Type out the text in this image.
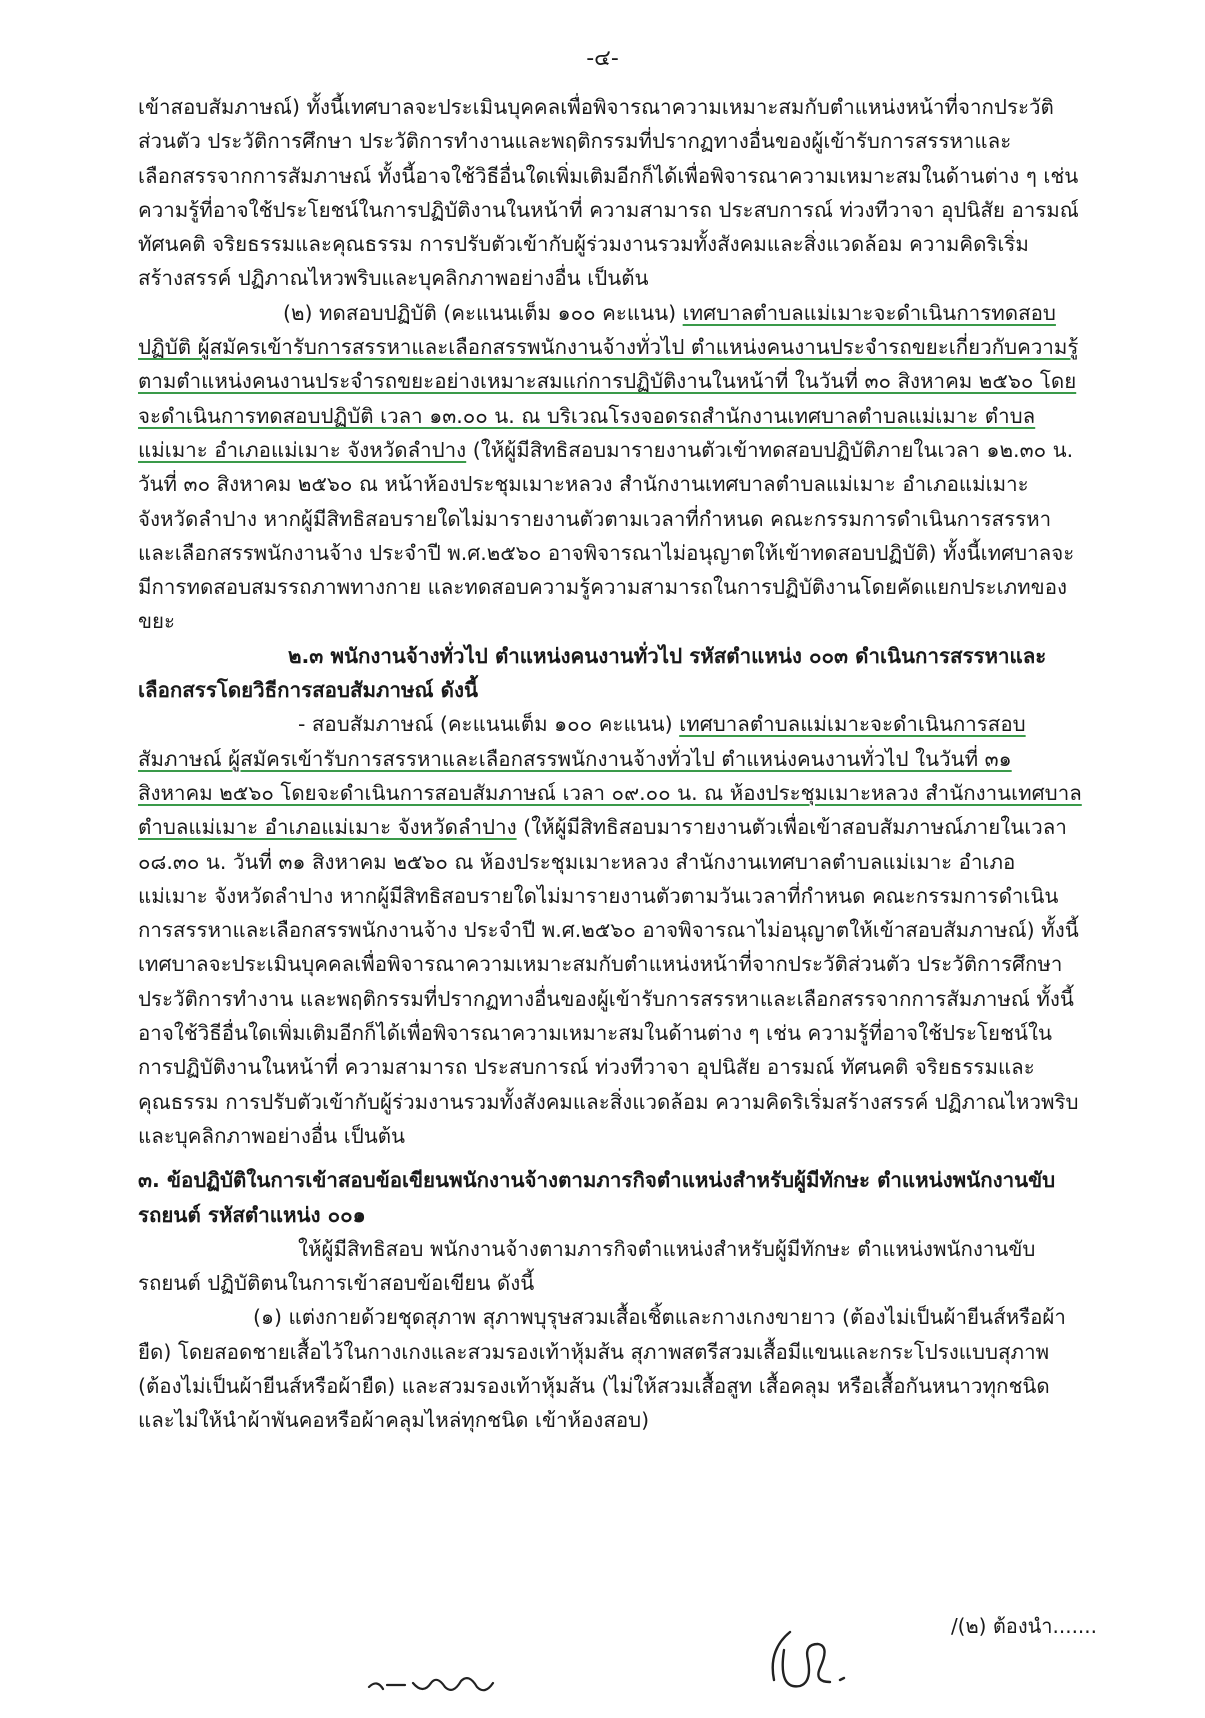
-๔-

เข้าสอบสัมภาษณ์) ทั้งนี้เทศบาลจะประเมินบุคคลเพื่อพิจารณาความเหมาะสมกับตำแหน่งหน้าที่จากประวัติส่วนตัว ประวัติการศึกษา ประวัติการทำงานและพฤติกรรมที่ปรากฏทางอื่นของผู้เข้ารับการสรรหาและเลือกสรรจากการสัมภาษณ์ ทั้งนี้อาจใช้วิธีอื่นใดเพิ่มเติมอีกก็ได้เพื่อพิจารณาความเหมาะสมในด้านต่าง ๆ เช่น ความรู้ที่อาจใช้ประโยชน์ในการปฏิบัติงานในหน้าที่ ความสามารถ ประสบการณ์ ท่วงทีวาจา อุปนิสัย อารมณ์ ทัศนคติ จริยธรรมและคุณธรรม การปรับตัวเข้ากับผู้ร่วมงานรวมทั้งสังคมและสิ่งแวดล้อม ความคิดริเริ่มสร้างสรรค์ ปฏิภาณไหวพริบและบุคลิกภาพอย่างอื่น เป็นต้น

(๒) ทดสอบปฏิบัติ (คะแนนเต็ม ๑๐๐ คะแนน) เทศบาลตำบลแม่เมาะจะดำเนินการทดสอบปฏิบัติ ผู้สมัครเข้ารับการสรรหาและเลือกสรรพนักงานจ้างทั่วไป ตำแหน่งคนงานประจำรถขยะเกี่ยวกับความรู้ตามตำแหน่งคนงานประจำรถขยะอย่างเหมาะสมแก่การปฏิบัติงานในหน้าที่ ในวันที่ ๓๐ สิงหาคม ๒๕๖๐ โดยจะดำเนินการทดสอบปฏิบัติ เวลา ๑๓.๐๐ น. ณ บริเวณโรงจอดรถสำนักงานเทศบาลตำบลแม่เมาะ ตำบลแม่เมาะ อำเภอแม่เมาะ จังหวัดลำปาง (ให้ผู้มีสิทธิสอบมารายงานตัวเข้าทดสอบปฏิบัติภายในเวลา ๑๒.๓๐ น. วันที่ ๓๐ สิงหาคม ๒๕๖๐ ณ หน้าห้องประชุมเมาะหลวง สำนักงานเทศบาลตำบลแม่เมาะ อำเภอแม่เมาะ จังหวัดลำปาง หากผู้มีสิทธิสอบรายใดไม่มารายงานตัวตามเวลาที่กำหนด คณะกรรมการดำเนินการสรรหาและเลือกสรรพนักงานจ้าง ประจำปี พ.ศ.๒๕๖๐ อาจพิจารณาไม่อนุญาตให้เข้าทดสอบปฏิบัติ) ทั้งนี้เทศบาลจะมีการทดสอบสมรรถภาพทางกาย และทดสอบความรู้ความสามารถในการปฏิบัติงานโดยคัดแยกประเภทของขยะ

๒.๓ พนักงานจ้างทั่วไป ตำแหน่งคนงานทั่วไป รหัสตำแหน่ง ๐๐๓ ดำเนินการสรรหาและเลือกสรรโดยวิธีการสอบสัมภาษณ์ ดังนี้

- สอบสัมภาษณ์ (คะแนนเต็ม ๑๐๐ คะแนน) เทศบาลตำบลแม่เมาะจะดำเนินการสอบสัมภาษณ์ ผู้สมัครเข้ารับการสรรหาและเลือกสรรพนักงานจ้างทั่วไป ตำแหน่งคนงานทั่วไป ในวันที่ ๓๑ สิงหาคม ๒๕๖๐ โดยจะดำเนินการสอบสัมภาษณ์ เวลา ๐๙.๐๐ น. ณ ห้องประชุมเมาะหลวง สำนักงานเทศบาลตำบลแม่เมาะ อำเภอแม่เมาะ จังหวัดลำปาง (ให้ผู้มีสิทธิสอบมารายงานตัวเพื่อเข้าสอบสัมภาษณ์ภายในเวลา ๐๘.๓๐ น. วันที่ ๓๑ สิงหาคม ๒๕๖๐ ณ ห้องประชุมเมาะหลวง สำนักงานเทศบาลตำบลแม่เมาะ อำเภอแม่เมาะ จังหวัดลำปาง หากผู้มีสิทธิสอบรายใดไม่มารายงานตัวตามวันเวลาที่กำหนด คณะกรรมการดำเนินการสรรหาและเลือกสรรพนักงานจ้าง ประจำปี พ.ศ.๒๕๖๐ อาจพิจารณาไม่อนุญาตให้เข้าสอบสัมภาษณ์) ทั้งนี้เทศบาลจะประเมินบุคคลเพื่อพิจารณาความเหมาะสมกับตำแหน่งหน้าที่จากประวัติส่วนตัว ประวัติการศึกษา ประวัติการทำงาน และพฤติกรรมที่ปรากฏทางอื่นของผู้เข้ารับการสรรหาและเลือกสรรจากการสัมภาษณ์ ทั้งนี้อาจใช้วิธีอื่นใดเพิ่มเติมอีกก็ได้เพื่อพิจารณาความเหมาะสมในด้านต่าง ๆ เช่น ความรู้ที่อาจใช้ประโยชน์ในการปฏิบัติงานในหน้าที่ ความสามารถ ประสบการณ์ ท่วงทีวาจา อุปนิสัย อารมณ์ ทัศนคติ จริยธรรมและคุณธรรม การปรับตัวเข้ากับผู้ร่วมงานรวมทั้งสังคมและสิ่งแวดล้อม ความคิดริเริ่มสร้างสรรค์ ปฏิภาณไหวพริบและบุคลิกภาพอย่างอื่น เป็นต้น

๓. ข้อปฏิบัติในการเข้าสอบข้อเขียนพนักงานจ้างตามภารกิจตำแหน่งสำหรับผู้มีทักษะ ตำแหน่งพนักงานขับรถยนต์ รหัสตำแหน่ง ๐๐๑

ให้ผู้มีสิทธิสอบ พนักงานจ้างตามภารกิจตำแหน่งสำหรับผู้มีทักษะ ตำแหน่งพนักงานขับรถยนต์ ปฏิบัติตนในการเข้าสอบข้อเขียน ดังนี้

(๑) แต่งกายด้วยชุดสุภาพ สุภาพบุรุษสวมเสื้อเชิ้ตและกางเกงขายาว (ต้องไม่เป็นผ้ายีนส์หรือผ้ายืด) โดยสอดชายเสื้อไว้ในกางเกงและสวมรองเท้าหุ้มส้น สุภาพสตรีสวมเสื้อมีแขนและกระโปรงแบบสุภาพ (ต้องไม่เป็นผ้ายีนส์หรือผ้ายืด) และสวมรองเท้าหุ้มส้น (ไม่ให้สวมเสื้อสูท เสื้อคลุม หรือเสื้อกันหนาวทุกชนิด และไม่ให้นำผ้าพันคอหรือผ้าคลุมไหล่ทุกชนิด เข้าห้องสอบ)

/(๒) ต้องนำ.......
